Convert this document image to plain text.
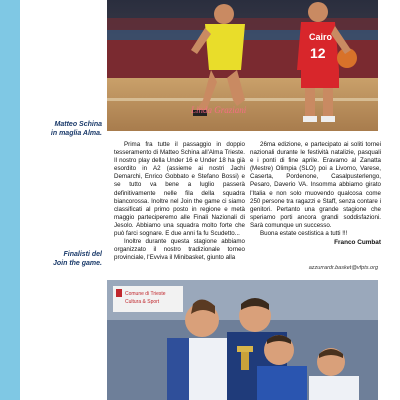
Cairo
12
Linda Graziani
Matteo Schina
in maglia Alma.

Prima fra tutte il passaggio in doppio tesseramento di Matteo Schina all'Alma Trieste. Il nostro play della Under 16 e Under 18 ha già esordito in A2 (assieme ai nostri Jachi Demarchi, Enrico Gobbato e Stefano Bossi) e se tutto va bene a luglio passerà definitivamente nelle fila della squadra biancorossa. Inoltre nel Join the game ci siamo classificati al primo posto in regione e metà maggio parteciperemo alle Finali Nazionali di Jesolo. Abbiamo una squadra molto forte che può farci sognare. E due anni fa fu Scudetto...

Inoltre durante questa stagione abbiamo organizzato il nostro tradizionale torneo provinciale, l'Evviva il Minibasket, giunto alla

26ma edizione, e partecipato ai soliti tornei nazionali durante le festività natalizie, pasquali e i ponti di fine aprile. Eravamo al Zanatta (Mestre) Olimpia (SLO) poi a Livorno, Varese, Caserta, Pordenone, Casalpusterlengo, Pesaro, Daverio VA. Insomma abbiamo girato l'Italia e non solo muovendo qualcosa come 250 persone tra ragazzi e Staff, senza contare i genitori. Pertanto una grande stagione che speriamo porti ancora grandi soddisfazioni. Sarà comunque un successo.

Buona estate cestistica a tutti !!!

Franco Cumbat

azzurrardr.basket@vfpts.org
Finalisti del
Join the game.
Comune di Trieste
Cultura & Sport
